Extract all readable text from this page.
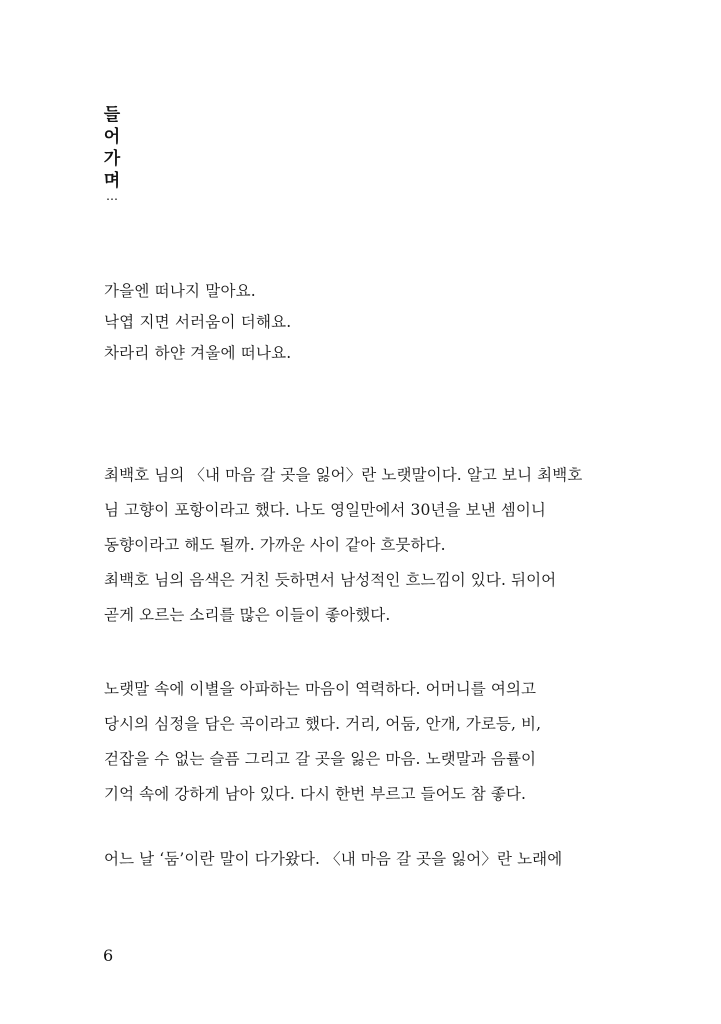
들
어
가
며
…
가을엔 떠나지 말아요.
낙엽 지면 서러움이 더해요.
차라리 하얀 겨울에 떠나요.
최백호 님의 〈내 마음 갈 곳을 잃어〉란 노랫말이다. 알고 보니 최백호
님 고향이 포항이라고 했다. 나도 영일만에서 30년을 보낸 셈이니
동향이라고 해도 될까. 가까운 사이 같아 흐뭇하다.
최백호 님의 음색은 거친 듯하면서 남성적인 흐느낌이 있다. 뒤이어
곧게 오르는 소리를 많은 이들이 좋아했다.
노랫말 속에 이별을 아파하는 마음이 역력하다. 어머니를 여의고
당시의 심정을 담은 곡이라고 했다. 거리, 어둠, 안개, 가로등, 비,
걷잡을 수 없는 슬픔 그리고 갈 곳을 잃은 마음. 노랫말과 음률이
기억 속에 강하게 남아 있다. 다시 한번 부르고 들어도 참 좋다.
어느 날 ‘둠’이란 말이 다가왔다. 〈내 마음 갈 곳을 잃어〉란 노래에
6
